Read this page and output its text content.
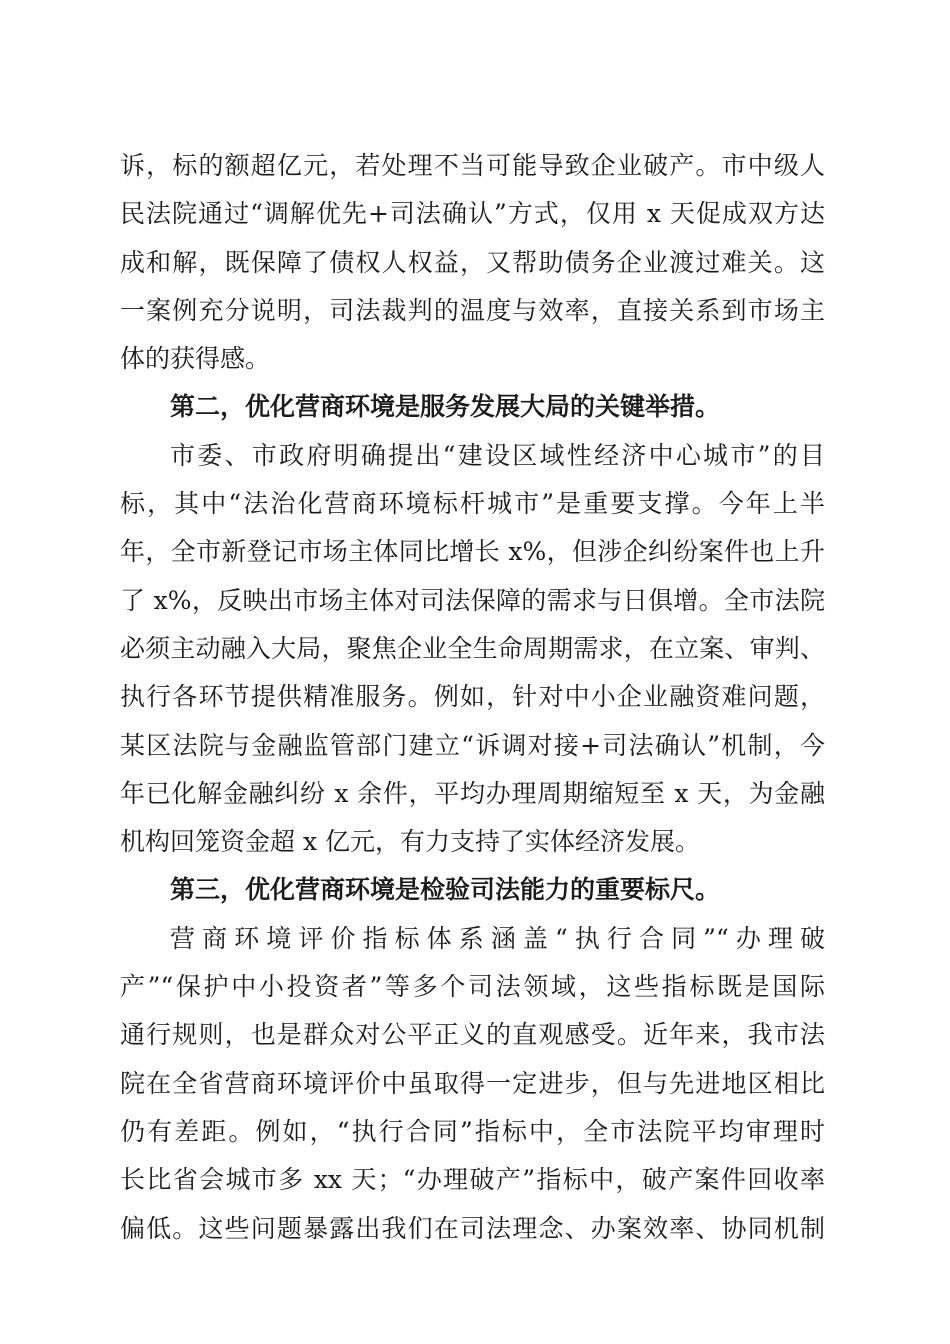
诉，标的额超亿元，若处理不当可能导致企业破产。市中级人
民法院通过“调解优先+司法确认”方式，仅用 x 天促成双方达
成和解，既保障了债权人权益，又帮助债务企业渡过难关。这
一案例充分说明，司法裁判的温度与效率，直接关系到市场主
体的获得感。
第二，优化营商环境是服务发展大局的关键举措。
市委、市政府明确提出“建设区域性经济中心城市”的目
标，其中“法治化营商环境标杆城市”是重要支撑。今年上半
年，全市新登记市场主体同比增长 x%，但涉企纠纷案件也上升
了 x%，反映出市场主体对司法保障的需求与日俱增。全市法院
必须主动融入大局，聚焦企业全生命周期需求，在立案、审判、
执行各环节提供精准服务。例如，针对中小企业融资难问题，
某区法院与金融监管部门建立“诉调对接+司法确认”机制，今
年已化解金融纠纷 x 余件，平均办理周期缩短至 x 天，为金融
机构回笼资金超 x 亿元，有力支持了实体经济发展。
第三，优化营商环境是检验司法能力的重要标尺。
营商环境评价指标体系涵盖“执行合同”“办理破
产”“保护中小投资者”等多个司法领域，这些指标既是国际
通行规则，也是群众对公平正义的直观感受。近年来，我市法
院在全省营商环境评价中虽取得一定进步，但与先进地区相比
仍有差距。例如，“执行合同”指标中，全市法院平均审理时
长比省会城市多 xx 天；“办理破产”指标中，破产案件回收率
偏低。这些问题暴露出我们在司法理念、办案效率、协同机制
